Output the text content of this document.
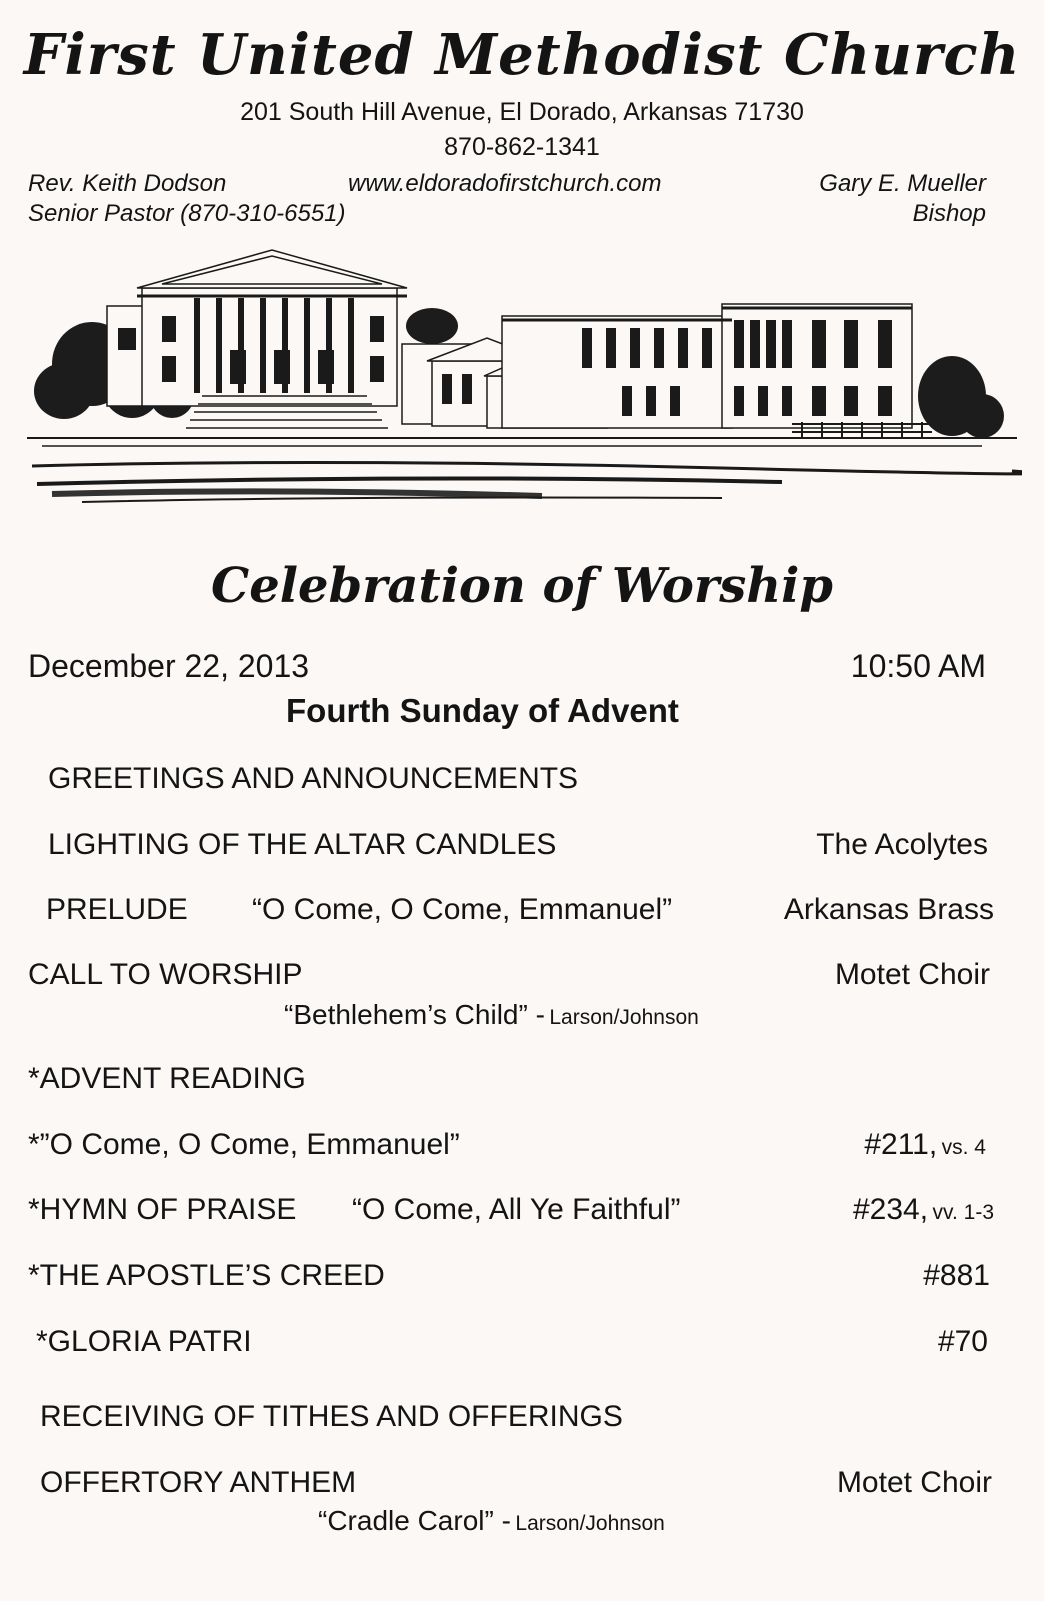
First United Methodist Church
201 South Hill Avenue, El Dorado, Arkansas 71730
870-862-1341
Rev. Keith Dodson
Senior Pastor (870-310-6551)
www.eldoradofirstchurch.com	Gary E. Mueller
Bishop
Celebration of Worship
December 22, 2013	10:50 AM
Fourth Sunday of Advent
GREETINGS AND ANNOUNCEMENTS
LIGHTING OF THE ALTAR CANDLES	The Acolytes
PRELUDE “O Come, O Come, Emmanuel”	Arkansas Brass
CALL TO WORSHIP	Motet Choir
“Bethlehem’s Child” - Larson/Johnson
*ADVENT READING
*”O Come, O Come, Emmanuel”	#211, vs. 4
*HYMN OF PRAISE “O Come, All Ye Faithful”	#234, vv. 1-3
*THE APOSTLE’S CREED	#881
*GLORIA PATRI	#70
RECEIVING OF TITHES AND OFFERINGS
OFFERTORY ANTHEM	Motet Choir
“Cradle Carol” - Larson/Johnson
